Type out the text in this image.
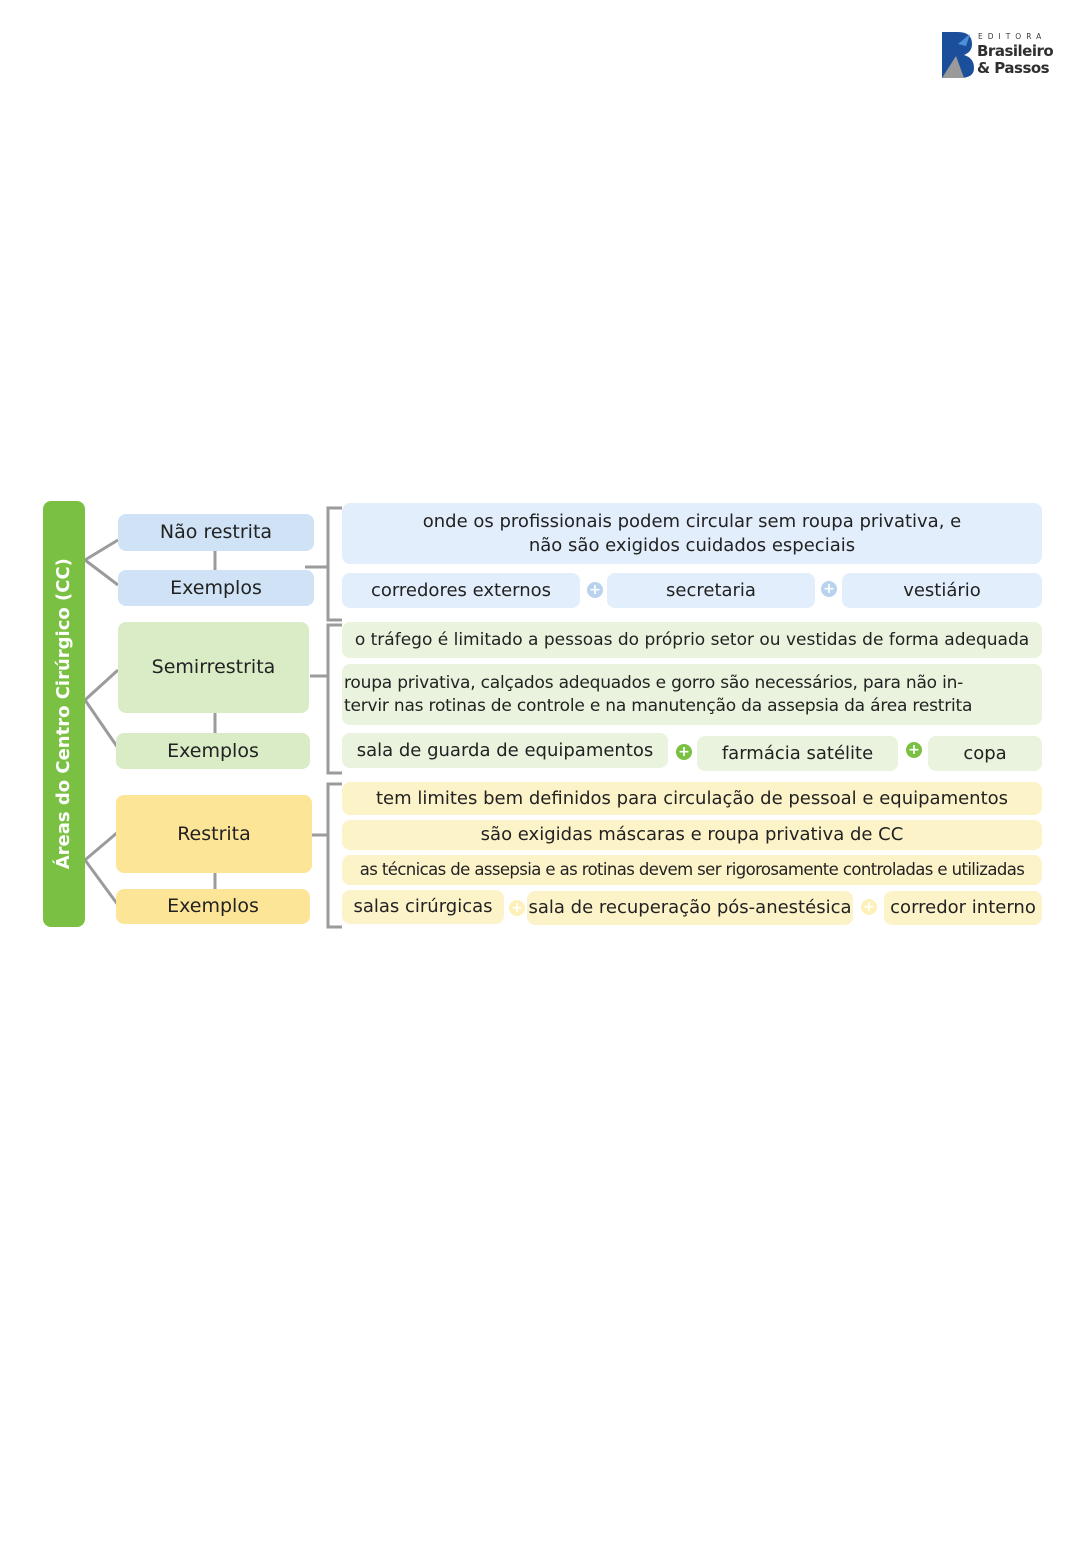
EDITORA
Brasileiro
& Passos
Áreas do Centro Cirúrgico (CC)
Não restrita
Exemplos
onde os profissionais podem circular sem roupa privativa, e
não são exigidos cuidados especiais
corredores externos	+	secretaria	+	vestiário
Semirrestrita
Exemplos
o tráfego é limitado a pessoas do próprio setor ou vestidas de forma adequada
roupa privativa, calçados adequados e gorro são necessários, para não in-
tervir nas rotinas de controle e na manutenção da assepsia da área restrita
sala de guarda de equipamentos + farmácia satélite + copa
Restrita
Exemplos
tem limites bem definidos para circulação de pessoal e equipamentos
são exigidas máscaras e roupa privativa de CC
as técnicas de assepsia e as rotinas devem ser rigorosamente controladas e utilizadas
salas cirúrgicas + sala de recuperação pós-anestésica + corredor interno
